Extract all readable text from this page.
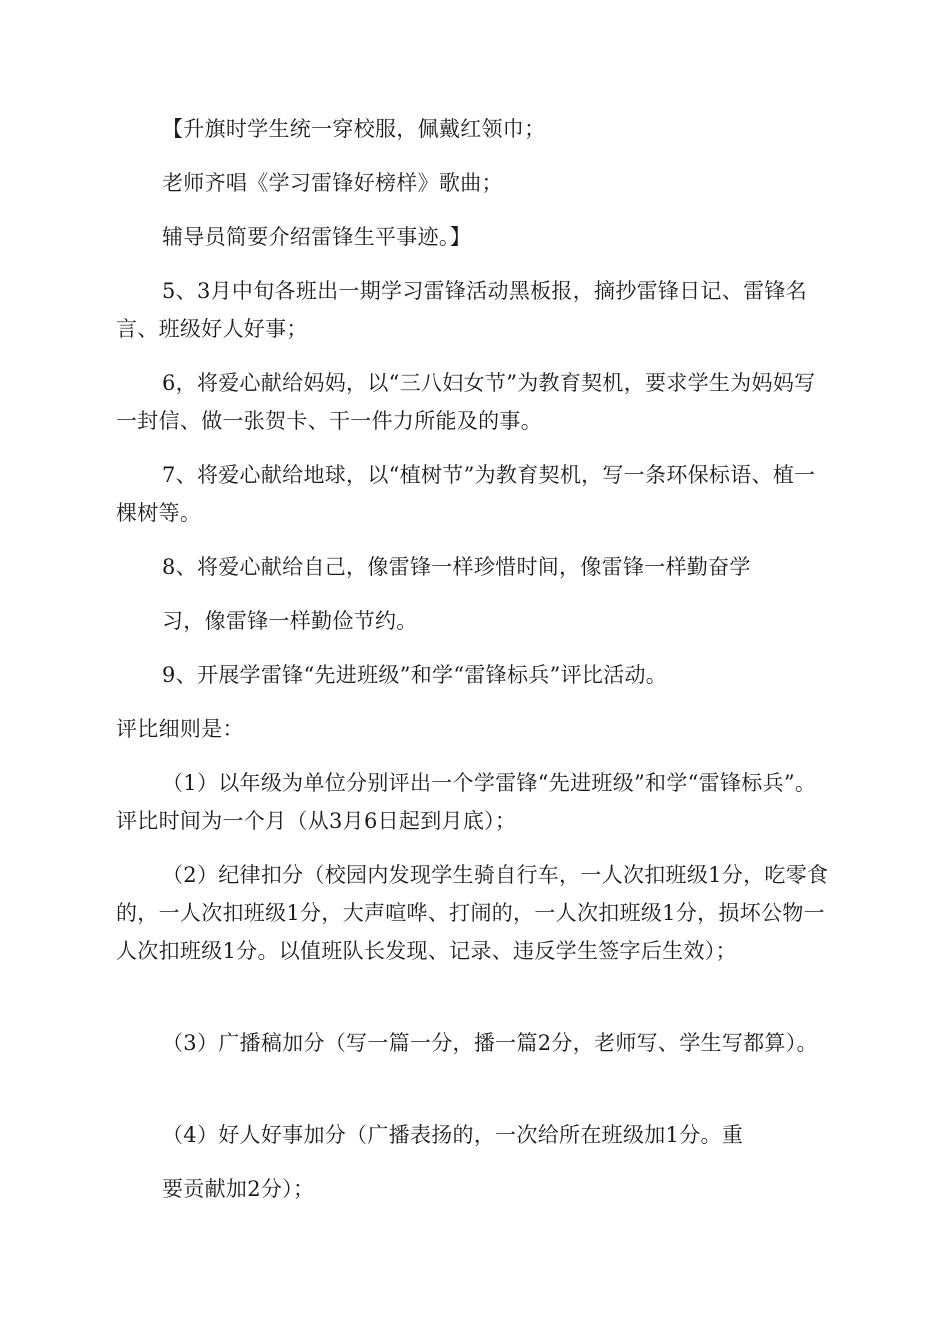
【升旗时学生统一穿校服，佩戴红领巾；

老师齐唱《学习雷锋好榜样》歌曲；

辅导员简要介绍雷锋生平事迹。】

5、3月中旬各班出一期学习雷锋活动黑板报，摘抄雷锋日记、雷锋名言、班级好人好事；

6，将爱心献给妈妈，以“三八妇女节”为教育契机，要求学生为妈妈写一封信、做一张贺卡、干一件力所能及的事。

7、将爱心献给地球，以“植树节”为教育契机，写一条环保标语、植一棵树等。

8、将爱心献给自己，像雷锋一样珍惜时间，像雷锋一样勤奋学

习，像雷锋一样勤俭节约。

9、开展学雷锋“先进班级”和学“雷锋标兵”评比活动。

评比细则是：

（1）以年级为单位分别评出一个学雷锋“先进班级”和学“雷锋标兵”。评比时间为一个月（从3月6日起到月底）；

（2）纪律扣分（校园内发现学生骑自行车，一人次扣班级1分，吃零食的，一人次扣班级1分，大声喧哗、打闹的，一人次扣班级1分，损坏公物一人次扣班级1分。以值班队长发现、记录、违反学生签字后生效）；

（3）广播稿加分（写一篇一分，播一篇2分，老师写、学生写都算）。

（4）好人好事加分（广播表扬的，一次给所在班级加1分。重

要贡献加2分）；
